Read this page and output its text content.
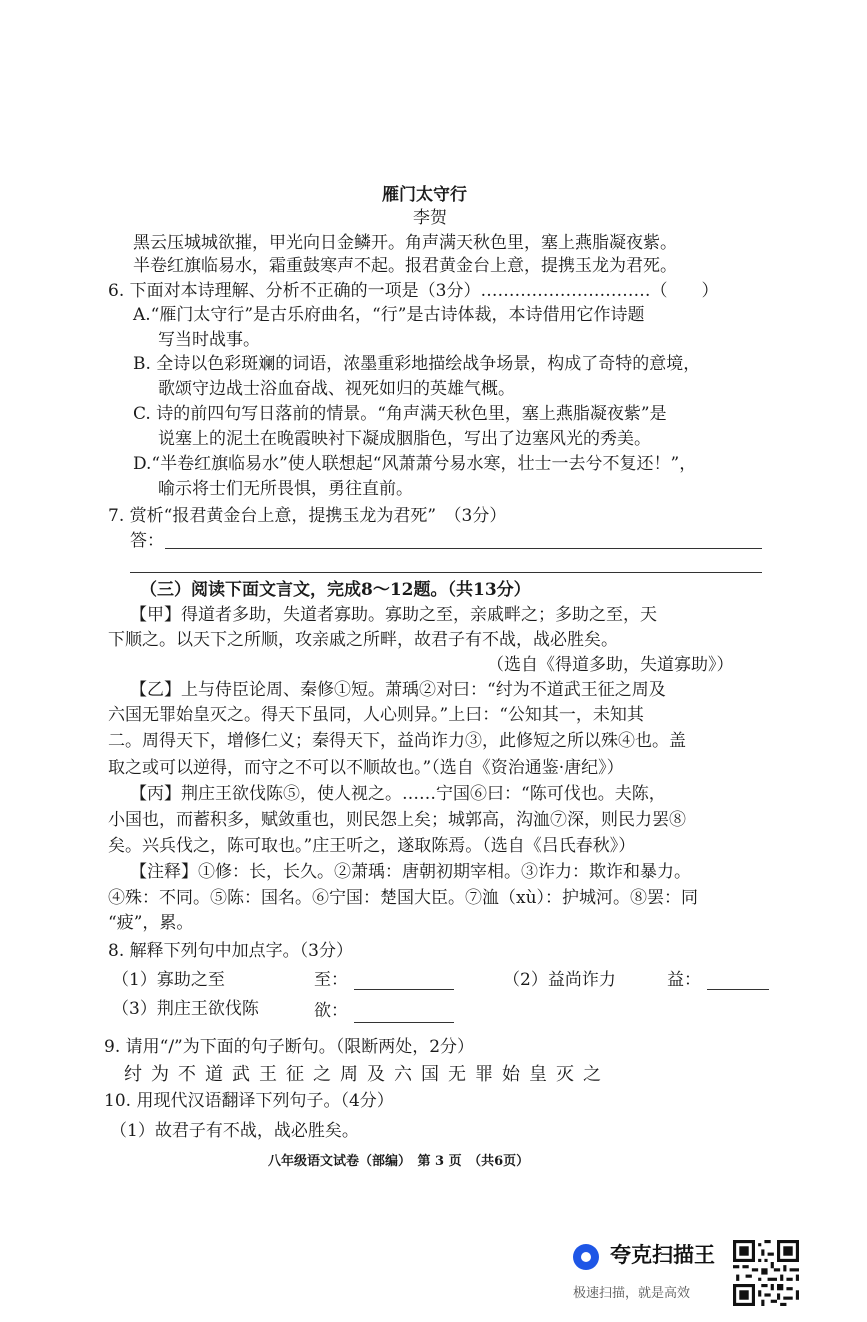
雁门太守行
李贺
黑云压城城欲摧，甲光向日金鳞开。角声满天秋色里，塞上燕脂凝夜紫。
半卷红旗临易水，霜重鼓寒声不起。报君黄金台上意，提携玉龙为君死。
6. 下面对本诗理解、分析不正确的一项是（3分）…………………………（　　）
A.“雁门太守行”是古乐府曲名，“行”是古诗体裁，本诗借用它作诗题
写当时战事。
B. 全诗以色彩斑斓的词语，浓墨重彩地描绘战争场景，构成了奇特的意境，
歌颂守边战士浴血奋战、视死如归的英雄气概。
C. 诗的前四句写日落前的情景。“角声满天秋色里，塞上燕脂凝夜紫”是
说塞上的泥土在晚霞映衬下凝成胭脂色，写出了边塞风光的秀美。
D.“半卷红旗临易水”使人联想起“风萧萧兮易水寒，壮士一去兮不复还！”，
喻示将士们无所畏惧，勇往直前。
7. 赏析“报君黄金台上意，提携玉龙为君死”　（3分）
答：
（三）阅读下面文言文，完成8～12题。（共13分）
【甲】得道者多助，失道者寡助。寡助之至，亲戚畔之；多助之至，天
下顺之。以天下之所顺，攻亲戚之所畔，故君子有不战，战必胜矣。
（选自《得道多助，失道寡助》）
【乙】上与侍臣论周、秦修①短。萧瑀②对曰：“纣为不道武王征之周及
六国无罪始皇灭之。得天下虽同，人心则异。”上曰：“公知其一，未知其
二。周得天下，增修仁义；秦得天下，益尚诈力③，此修短之所以殊④也。盖
取之或可以逆得，而守之不可以不顺故也。”（选自《资治通鉴·唐纪》）
【丙】荆庄王欲伐陈⑤，使人视之。……宁国⑥曰：“陈可伐也。夫陈，
小国也，而蓄积多，赋敛重也，则民怨上矣；城郭高，沟洫⑦深，则民力罢⑧
矣。兴兵伐之，陈可取也。”庄王听之，遂取陈焉。（选自《吕氏春秋》）
【注释】①修：长，长久。②萧瑀：唐朝初期宰相。③诈力：欺诈和暴力。
④殊：不同。⑤陈：国名。⑥宁国：楚国大臣。⑦洫（xù）：护城河。⑧罢：同
“疲”，累。
8. 解释下列句中加点字。（3分）
（1）寡助之至	至：	（2）益尚诈力	益：
（3）荆庄王欲伐陈	欲：
9. 请用“/”为下面的句子断句。（限断两处，2分）
纣为不道武王征之周及六国无罪始皇灭之
10. 用现代汉语翻译下列句子。（4分）
（1）故君子有不战，战必胜矣。
八年级语文试卷（部编）　第 3 页　（共6页）
夸克扫描王
极速扫描，就是高效
